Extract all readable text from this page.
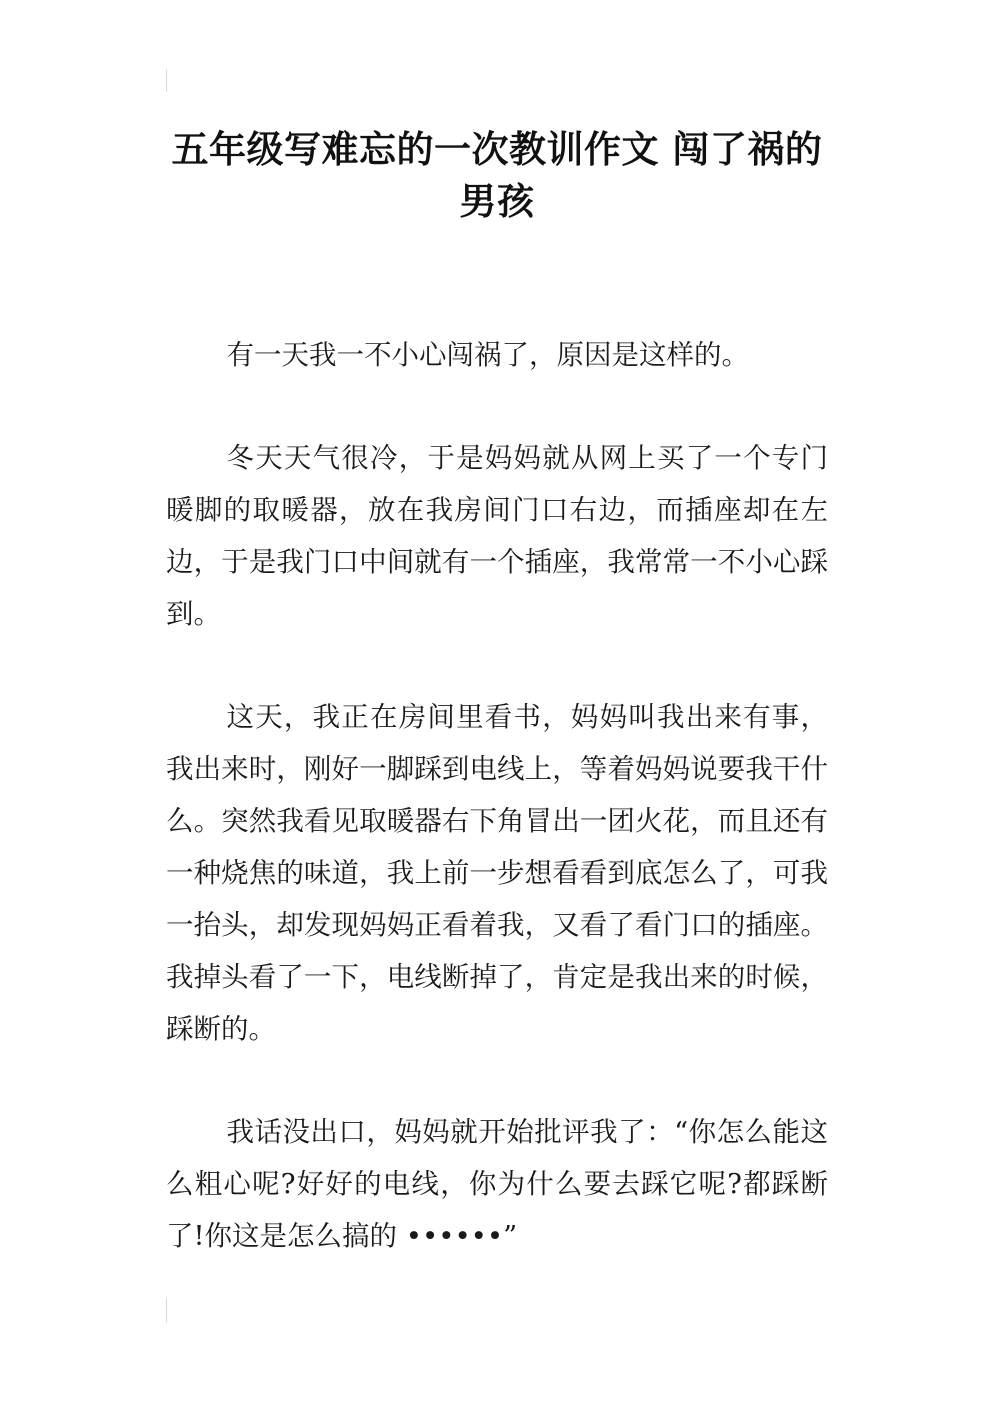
五年级写难忘的一次教训作文 闯了祸的男孩

有一天我一不小心闯祸了，原因是这样的。

冬天天气很冷，于是妈妈就从网上买了一个专门暖脚的取暖器，放在我房间门口右边，而插座却在左边，于是我门口中间就有一个插座，我常常一不小心踩到。

这天，我正在房间里看书，妈妈叫我出来有事，我出来时，刚好一脚踩到电线上，等着妈妈说要我干什么。突然我看见取暖器右下角冒出一团火花，而且还有一种烧焦的味道，我上前一步想看看到底怎么了，可我一抬头，却发现妈妈正看着我，又看了看门口的插座。我掉头看了一下，电线断掉了，肯定是我出来的时候，踩断的。

我话没出口，妈妈就开始批评我了：“你怎么能这么粗心呢?好好的电线，你为什么要去踩它呢?都踩断了!你这是怎么搞的 ••••••”
